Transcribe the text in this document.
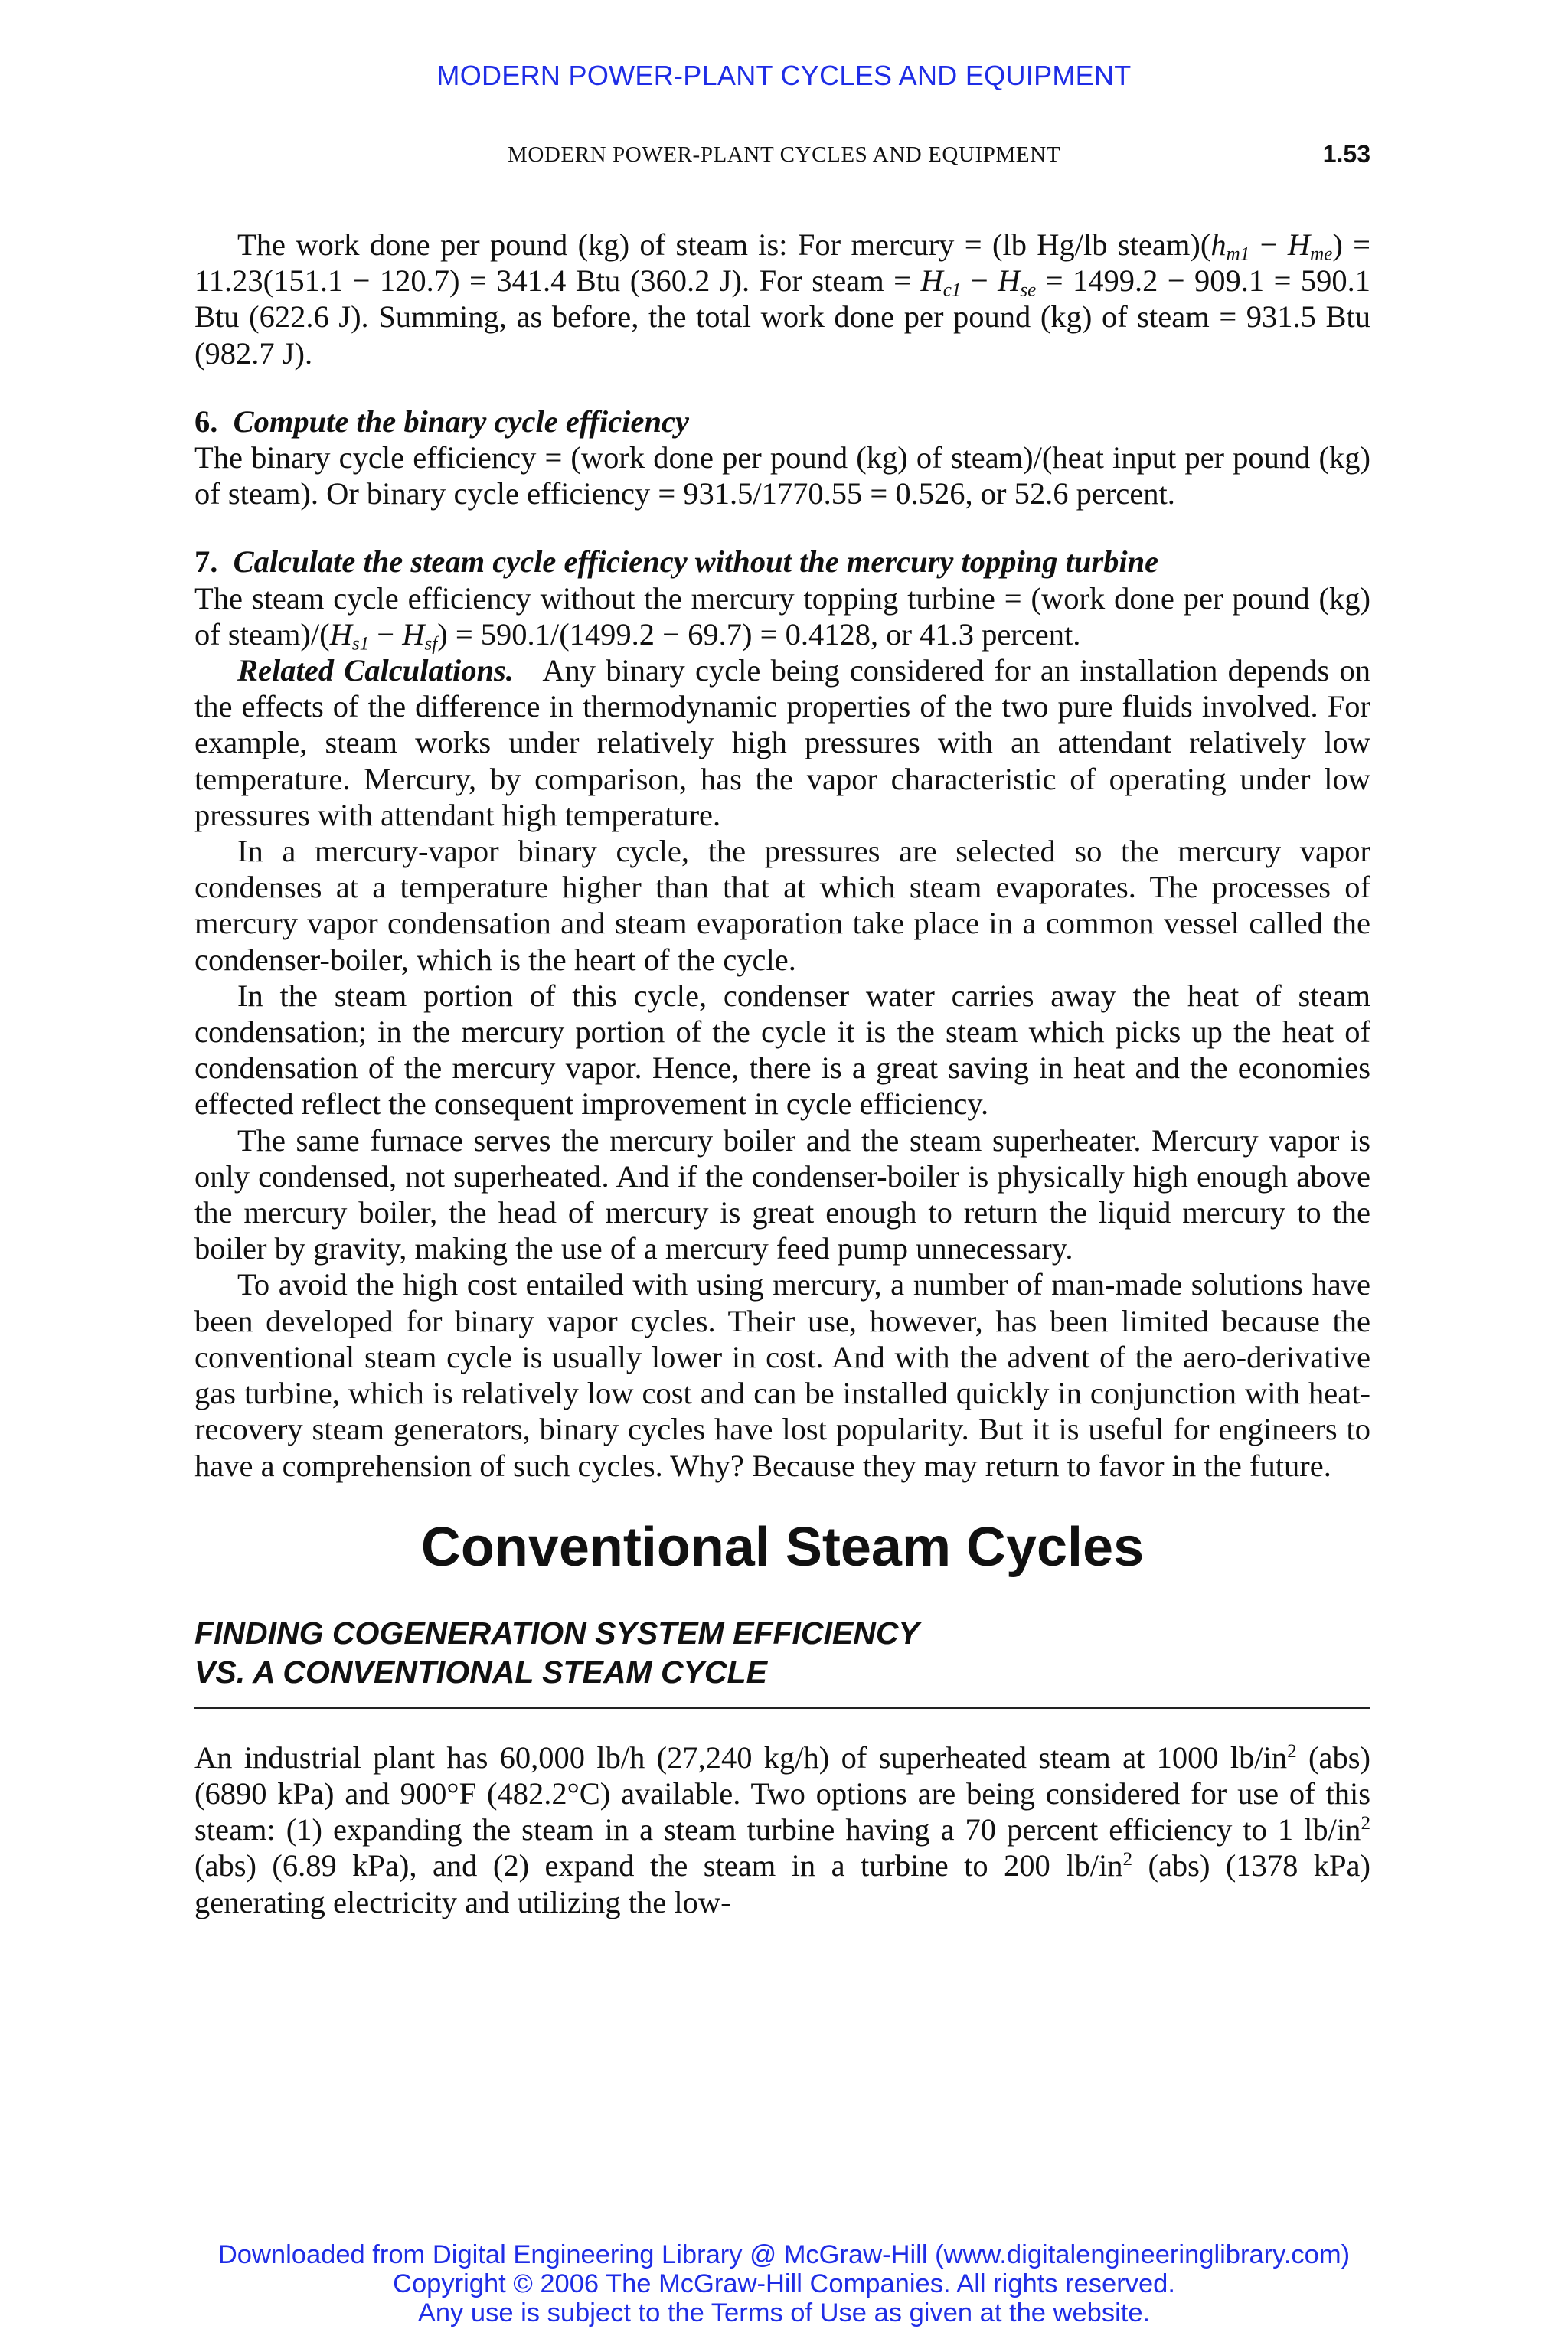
MODERN POWER-PLANT CYCLES AND EQUIPMENT
MODERN POWER-PLANT CYCLES AND EQUIPMENT	1.53

The work done per pound (kg) of steam is: For mercury = (lb Hg/lb $steam)(h_{m1} - H_{me}) = 11.23(151.1 - 120.7) = 341.4$ Btu (360.2 J). For steam = $H_{c1} - H_{se} = 1499.2 - 909.1 = 590.1$ Btu (622.6 J). Summing, as before, the total work done per pound (kg) of steam = 931.5 Btu (982.7 J).

6. Compute the binary cycle efficiency

The binary cycle efficiency = (work done per pound (kg) of steam)/(heat input per pound (kg) of steam). Or binary cycle efficiency = 931.5/1770.55 = 0.526, or 52.6 percent.

7. Calculate the steam cycle efficiency without the mercury topping turbine

The steam cycle efficiency without the mercury topping turbine = (work done per pound (kg) of $steam)/(H_{s1} - H_{sf}) = 590.1/(1499.2 - 69.7) = 0.4128$, or 41.3 percent.

Related Calculations. Any binary cycle being considered for an installation depends on the effects of the difference in thermodynamic properties of the two pure fluids involved. For example, steam works under relatively high pressures with an attendant relatively low temperature. Mercury, by comparison, has the vapor characteristic of operating under low pressures with attendant high temperature.

In a mercury-vapor binary cycle, the pressures are selected so the mercury vapor condenses at a temperature higher than that at which steam evaporates. The processes of mercury vapor condensation and steam evaporation take place in a common vessel called the condenser-boiler, which is the heart of the cycle.

In the steam portion of this cycle, condenser water carries away the heat of steam condensation; in the mercury portion of the cycle it is the steam which picks up the heat of condensation of the mercury vapor. Hence, there is a great saving in heat and the economies effected reflect the consequent improvement in cycle efficiency.

The same furnace serves the mercury boiler and the steam superheater. Mercury vapor is only condensed, not superheated. And if the condenser-boiler is physically high enough above the mercury boiler, the head of mercury is great enough to return the liquid mercury to the boiler by gravity, making the use of a mercury feed pump unnecessary.

To avoid the high cost entailed with using mercury, a number of man-made solutions have been developed for binary vapor cycles. Their use, however, has been limited because the conventional steam cycle is usually lower in cost. And with the advent of the aero-derivative gas turbine, which is relatively low cost and can be installed quickly in conjunction with heat-recovery steam generators, binary cycles have lost popularity. But it is useful for engineers to have a comprehension of such cycles. Why? Because they may return to favor in the future.

Conventional Steam Cycles
FINDING COGENERATION SYSTEM EFFICIENCY
VS. A CONVENTIONAL STEAM CYCLE

An industrial plant has 60,000 lb/h (27,240 kg/h) of superheated steam at 1000 $lb/in^2$ (abs) (6890 kPa) and 900°F (482.2°C) available. Two options are being considered for use of this steam: (1) expanding the steam in a steam turbine having a 70 percent efficiency to 1 $lb/in^2$ (abs) (6.89 kPa), and (2) expand the steam in a turbine to 200 $lb/in^2$ (abs) (1378 kPa) generating electricity and utilizing the low-

Downloaded from Digital Engineering Library @ McGraw-Hill (www.digitalengineeringlibrary.com)
Copyright © 2006 The McGraw-Hill Companies. All rights reserved.
Any use is subject to the Terms of Use as given at the website.
